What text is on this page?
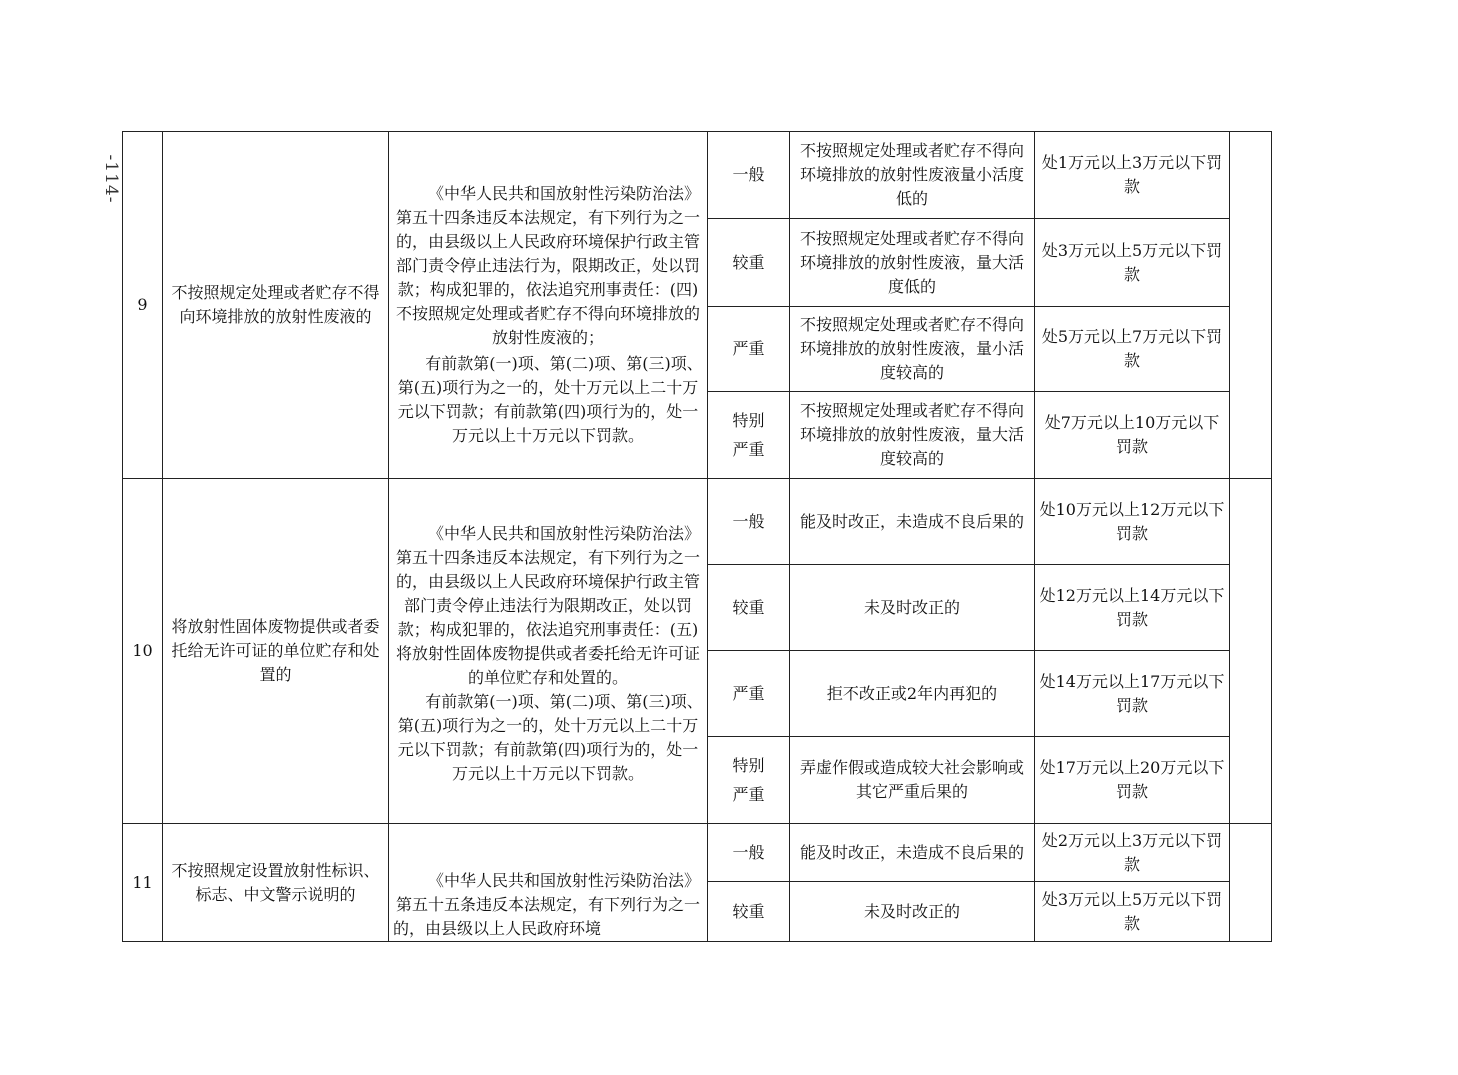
-114-
9	不按照规定处理或者贮存不得向环境排放的放射性废液的	《中华人民共和国放射性污染防治法》第五十四条违反本法规定，有下列行为之一的，由县级以上人民政府环境保护行政主管部门责令停止违法行为，限期改正，处以罚款；构成犯罪的，依法追究刑事责任：(四)不按照规定处理或者贮存不得向环境排放的放射性废液的；
有前款第(一)项、第(二)项、第(三)项、第(五)项行为之一的，处十万元以上二十万元以下罚款；有前款第(四)项行为的，处一万元以上十万元以下罚款。	一般	不按照规定处理或者贮存不得向环境排放的放射性废液量小活度低的	处1万元以上3万元以下罚款	
			较重	不按照规定处理或者贮存不得向环境排放的放射性废液，量大活度低的	处3万元以上5万元以下罚款	
			严重	不按照规定处理或者贮存不得向环境排放的放射性废液，量小活度较高的	处5万元以上7万元以下罚款	

			特别严重	不按照规定处理或者贮存不得向环境排放的放射性废液，量大活度较高的	处7万元以上10万元以下罚款	
10	将放射性固体废物提供或者委托给无许可证的单位贮存和处置的	《中华人民共和国放射性污染防治法》第五十四条违反本法规定，有下列行为之一的，由县级以上人民政府环境保护行政主管部门责令停止违法行为限期改正，处以罚款；构成犯罪的，依法追究刑事责任：(五)将放射性固体废物提供或者委托给无许可证的单位贮存和处置的。
有前款第(一)项、第(二)项、第(三)项、第(五)项行为之一的，处十万元以上二十万元以下罚款；有前款第(四)项行为的，处一万元以上十万元以下罚款。	一般	能及时改正，未造成不良后果的	处10万元以上12万元以下罚款	
			较重	未及时改正的	处12万元以上14万元以下罚款	
			严重	拒不改正或2年内再犯的	处14万元以上17万元以下罚款	

			特别严重	弄虚作假或造成较大社会影响或其它严重后果的	处17万元以上20万元以下罚款	
11	不按照规定设置放射性标识、标志、中文警示说明的	《中华人民共和国放射性污染防治法》第五十五条违反本法规定，有下列行为之一的，由县级以上人民政府环境	一般	能及时改正，未造成不良后果的	处2万元以上3万元以下罚款	
			较重	未及时改正的	处3万元以上5万元以下罚款	
